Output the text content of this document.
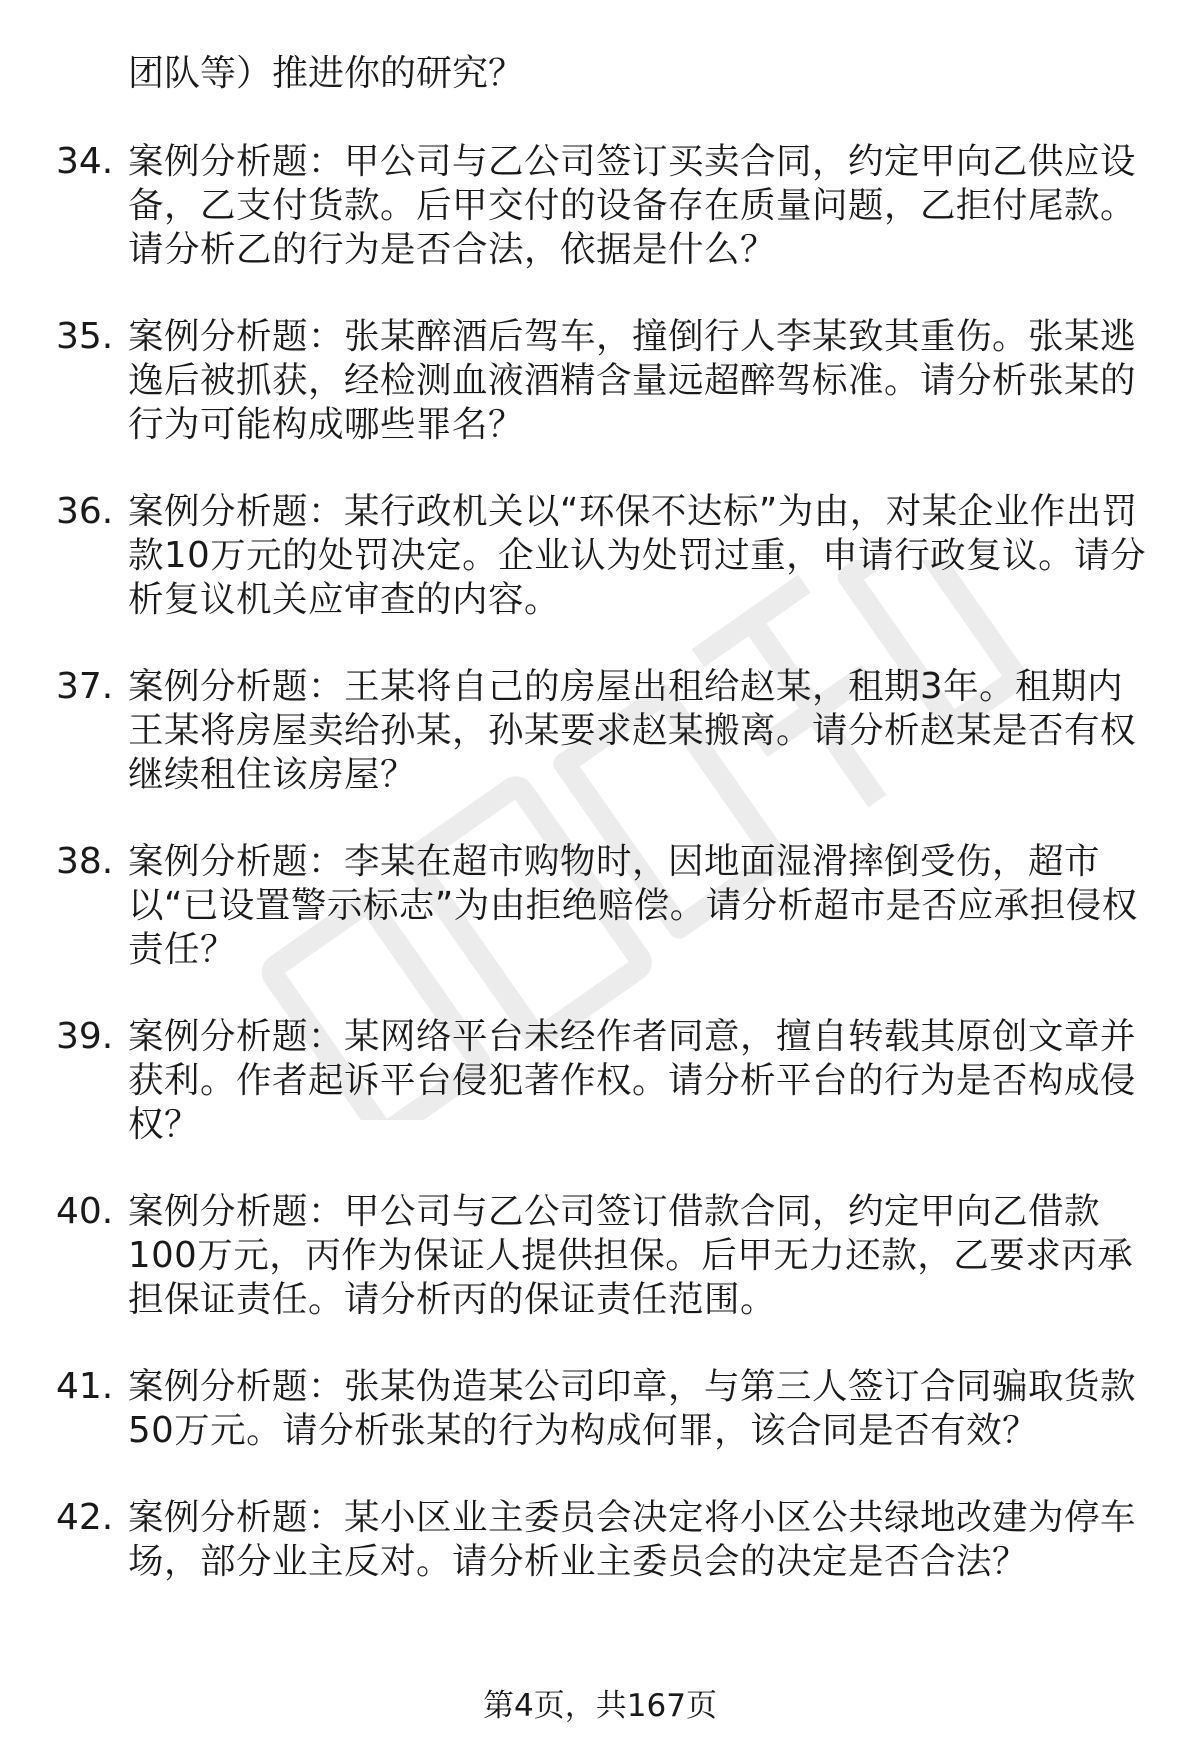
团队等）推进你的研究？
34. 案例分析题：甲公司与乙公司签订买卖合同，约定甲向乙供应设备，乙支付货款。后甲交付的设备存在质量问题，乙拒付尾款。请分析乙的行为是否合法，依据是什么？
35. 案例分析题：张某醉酒后驾车，撞倒行人李某致其重伤。张某逃逸后被抓获，经检测血液酒精含量远超醉驾标准。请分析张某的行为可能构成哪些罪名？
36. 案例分析题：某行政机关以“环保不达标”为由，对某企业作出罚款10万元的处罚决定。企业认为处罚过重，申请行政复议。请分析复议机关应审查的内容。
37. 案例分析题：王某将自己的房屋出租给赵某，租期3年。租期内王某将房屋卖给孙某，孙某要求赵某搬离。请分析赵某是否有权继续租住该房屋？
38. 案例分析题：李某在超市购物时，因地面湿滑摔倒受伤，超市以“已设置警示标志”为由拒绝赔偿。请分析超市是否应承担侵权责任？
39. 案例分析题：某网络平台未经作者同意，擅自转载其原创文章并获利。作者起诉平台侵犯著作权。请分析平台的行为是否构成侵权？
40. 案例分析题：甲公司与乙公司签订借款合同，约定甲向乙借款100万元，丙作为保证人提供担保。后甲无力还款，乙要求丙承担保证责任。请分析丙的保证责任范围。
41. 案例分析题：张某伪造某公司印章，与第三人签订合同骗取货款50万元。请分析张某的行为构成何罪，该合同是否有效？
42. 案例分析题：某小区业主委员会决定将小区公共绿地改建为停车场，部分业主反对。请分析业主委员会的决定是否合法？
第4页，共167页
